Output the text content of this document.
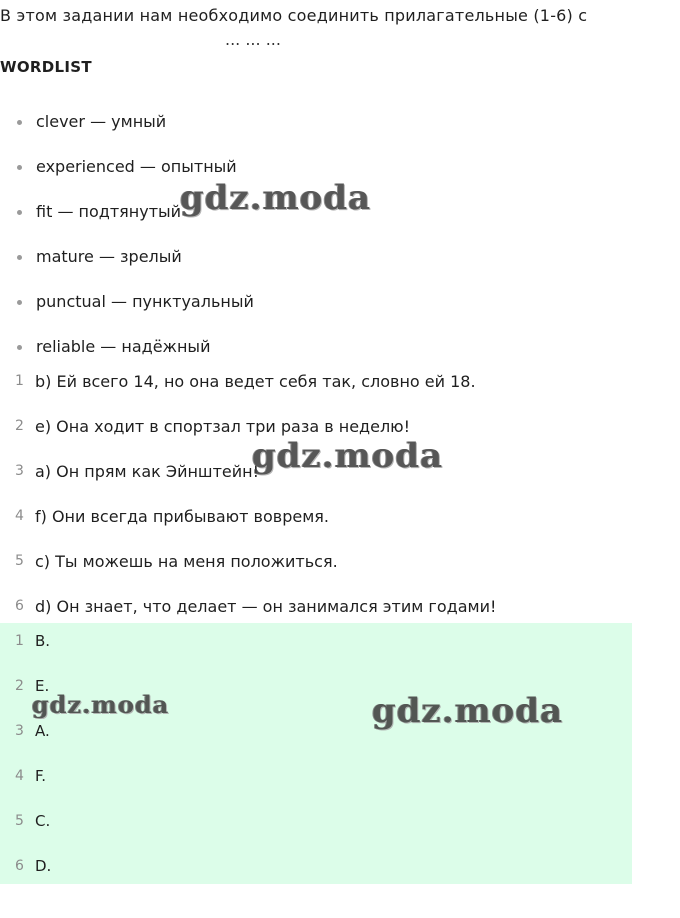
В этом задании нам необходимо соединить прилагательные (1-6) с
... ... ...
WORDLIST
clever — умный
experienced — опытный
fit — подтянутый
mature — зрелый
punctual — пунктуальный
reliable — надёжный
1 b) Ей всего 14, но она ведет себя так, словно ей 18.
2 e) Она ходит в спортзал три раза в неделю!
3 a) Он прям как Эйнштейн!
4 f) Они всегда прибывают вовремя.
5 c) Ты можешь на меня положиться.
6 d) Он знает, что делает — он занимался этим годами!
1 B.
2 E.
3 A.
4 F.
5 C.
6 D.
gdz.moda
gdz.moda
gdz.moda	gdz.moda
